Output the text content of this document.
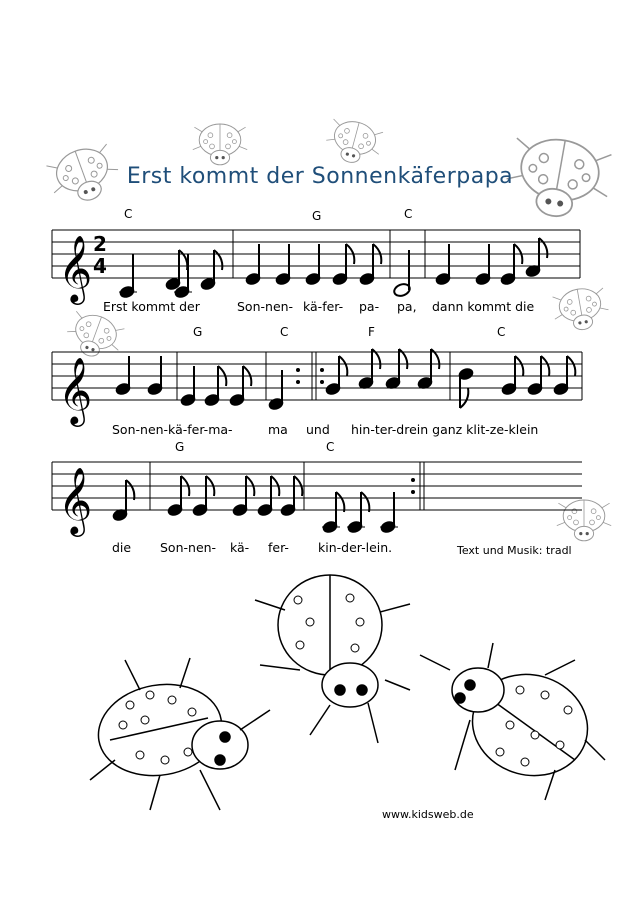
𝄞
𝄞
𝄞
Erst kommt der Sonnenkäferpapa
2
4
C	G	C
Erst kommt der	Son-nen- kä-fer- pa- pa, dann kommt die
G	C	F	C
Son-nen-kä-fer-ma-	ma und hin-ter-drein ganz klit-ze-klein
G	C
die Son-nen- kä- fer- kin-der-lein.	Text und Musik: tradl
www.kidsweb.de
